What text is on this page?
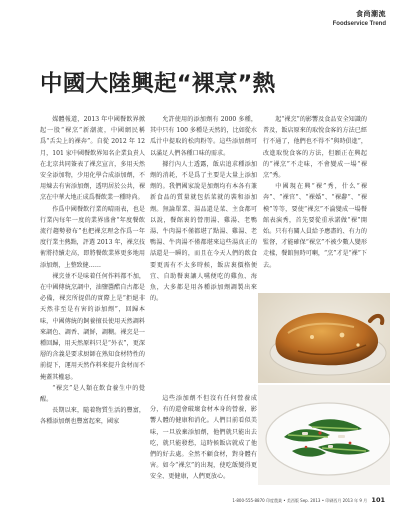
食尚潮流
Foodservice Trend
中國大陸興起“裸烹”熱

媒體報道，2013 年中國餐飲界掀起一股“裸烹”新潮流，中國網民稱爲“舌尖上的裸奔”。自從 2012 年 12 月，101 家中國餐飲界知名企業負責人在北京共同簽表了裸烹宣言，多用天然安全添加物，少用化學合成添加劑，不用煉去有害添加劑，透明居於公共，裸烹在中華大地正成爲餐飲業一種時尚。

作爲中國餐飲行業的晴雨表，也是行業內每年一度的業界盛會“年度餐飲流行趨勢發布”也把裸烹理念作爲一年度行業主熱點，評選 2013 年，裸烹技術將持續走高，即將餐飲業界更多地用添加劑，上整致健……

裸烹並不是味着任何作料都不加，在中國傳統烹調中，油鹽醬醋自古都是必備，裸烹所提倡的實際上是“拒絕非天然非至是有害的添加劑”，回歸本味，中國傳統的飼養擅長使用天然調料來調色、調香、調鮮，調糊。裸烹是一種回歸，用天然原料只是“外衣”，更深層的含義是要求厨師在熟知食材特性的前提下，運用天然作料來提升食材而不掩蓋其權惡。

“裸烹”是人類在飲食養生中的覺醒。

長期以來，隨着物質生活的豐富，各種添加劑也豐富起來，國家

允許使用的添加劑有 2000 多種，其中只有 100 多種是天然的，比如從水瓜汁中提取的松肉粉等。這些添加劑可以滿足人們各種口味的需求。

據行內人士透露，飯店追求種添加劑的消耗，不是爲了主要是大量上添加劑的。我們國家說是加劑均有本各有兼新食品的質量就包括菜就的裝和添加劑。無論單業、湯品還是菜、主食都可以說，餐館裏的營朋湯、雞湯、老鴨湯、牛肉湯不僅都堪了點湯、雞湯、老鴨湯、牛肉湯不僅都堪來這些湯真正的話還是一瞬的，而且在今天人們的飲食要更需有不太多時候，飯店裏價格便宜、自助餐裏讓人嚥便吃的雞魚、海魚，大多都是用各種添加劑調製出來的。

這些添加劑不但沒有任何營養成分，有的還會破壞食材本身的營養，影響人體的健康和消化。人們目前看似美味，一旦放棄添加劑，他們就只能出去吃，就只能發愁，這時候飯店就成了他們的好去處。全然不顧食材，對身體有害。如今“裸烹”的出現，使吃飯變得更安全、更健康，人們更放心。

起“裸烹”的影響及食品安全知識的普及，飯店原來的取悅食客的方法已經行不通了，他們也不得不“與時俱進”，改進取悅食客的方法，但願正在興起的“裸烹”不走味，不會變成一場“裸烹”秀。

中國現在興“裸”秀，什么“裸奔”、“裸官”、“裸婚”、“裸辭”、“裸模”等等，要使“裸烹”不淪變成一場餐館表演秀，首先要從重承諾做“裸”開始。只有有關人員給予應盡的、有力的監督，才能確保“裸烹”不被少數人變形走樣，餐館無時可喇，“烹”才是“裸”下去。

1-800-555-8870 印度農業 • 美西版 Sep. 2013 • 印刷西月 2013 年 9 月 101
